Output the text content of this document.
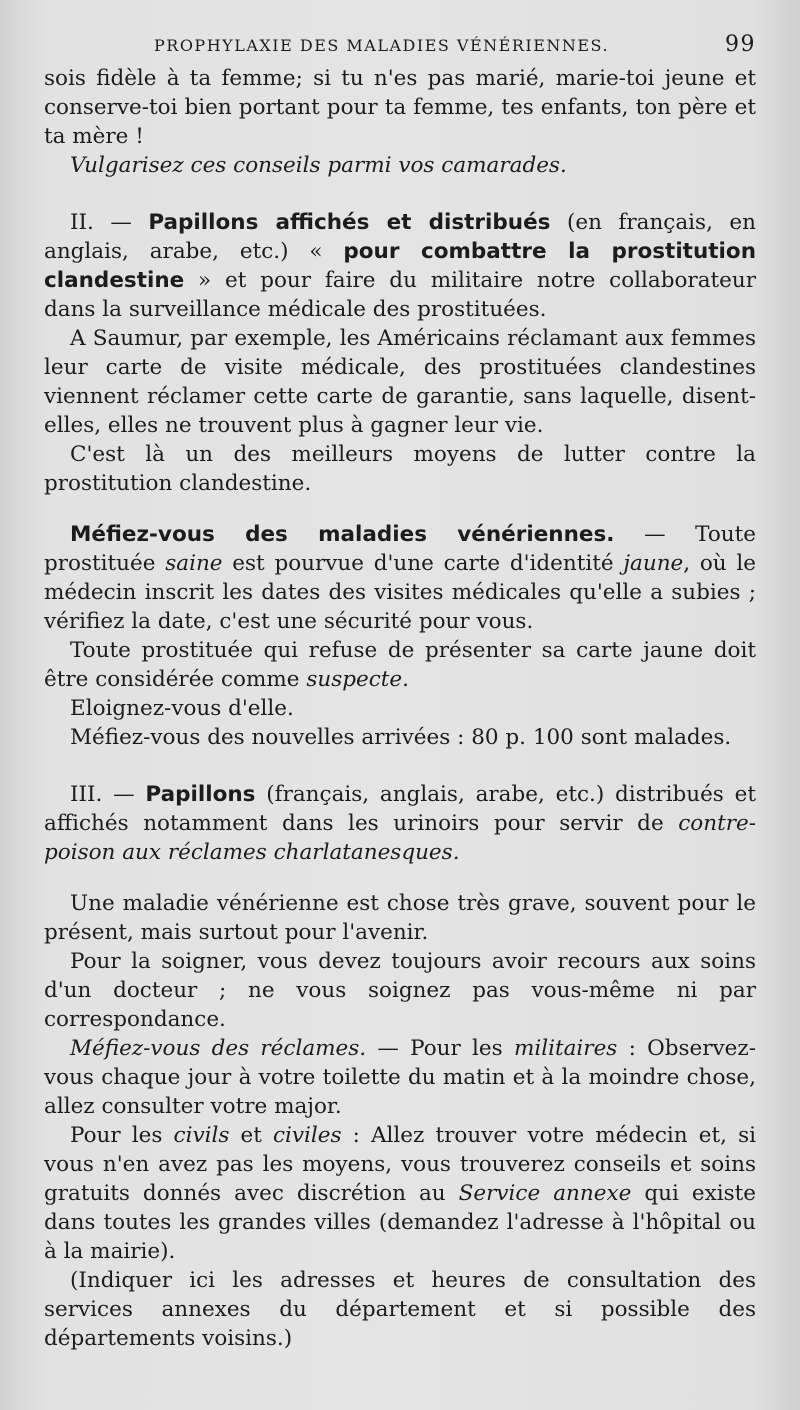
PROPHYLAXIE DES MALADIES VÉNÉRIENNES.	99

sois fidèle à ta femme; si tu n'es pas marié, marie-toi jeune et conserve-toi bien portant pour ta femme, tes enfants, ton père et ta mère !

Vulgarisez ces conseils parmi vos camarades.

II. — Papillons affichés et distribués (en français, en anglais, arabe, etc.) « pour combattre la prostitution clandestine » et pour faire du militaire notre collaborateur dans la surveillance médicale des prostituées.

A Saumur, par exemple, les Américains réclamant aux femmes leur carte de visite médicale, des prostituées clandestines viennent réclamer cette carte de garantie, sans laquelle, disent-elles, elles ne trouvent plus à gagner leur vie.

C'est là un des meilleurs moyens de lutter contre la prostitution clandestine.

Méfiez-vous des maladies vénériennes. — Toute prostituée saine est pourvue d'une carte d'identité jaune, où le médecin inscrit les dates des visites médicales qu'elle a subies ; vérifiez la date, c'est une sécurité pour vous.

Toute prostituée qui refuse de présenter sa carte jaune doit être considérée comme suspecte.

Eloignez-vous d'elle.

Méfiez-vous des nouvelles arrivées : 80 p. 100 sont malades.

III. — Papillons (français, anglais, arabe, etc.) distribués et affichés notamment dans les urinoirs pour servir de contre-poison aux réclames charlatanesques.

Une maladie vénérienne est chose très grave, souvent pour le présent, mais surtout pour l'avenir.

Pour la soigner, vous devez toujours avoir recours aux soins d'un docteur ; ne vous soignez pas vous-même ni par correspondance.

Méfiez-vous des réclames. — Pour les militaires : Observez-vous chaque jour à votre toilette du matin et à la moindre chose, allez consulter votre major.

Pour les civils et civiles : Allez trouver votre médecin et, si vous n'en avez pas les moyens, vous trouverez conseils et soins gratuits donnés avec discrétion au Service annexe qui existe dans toutes les grandes villes (demandez l'adresse à l'hôpital ou à la mairie).

(Indiquer ici les adresses et heures de consultation des services annexes du département et si possible des départements voisins.)
